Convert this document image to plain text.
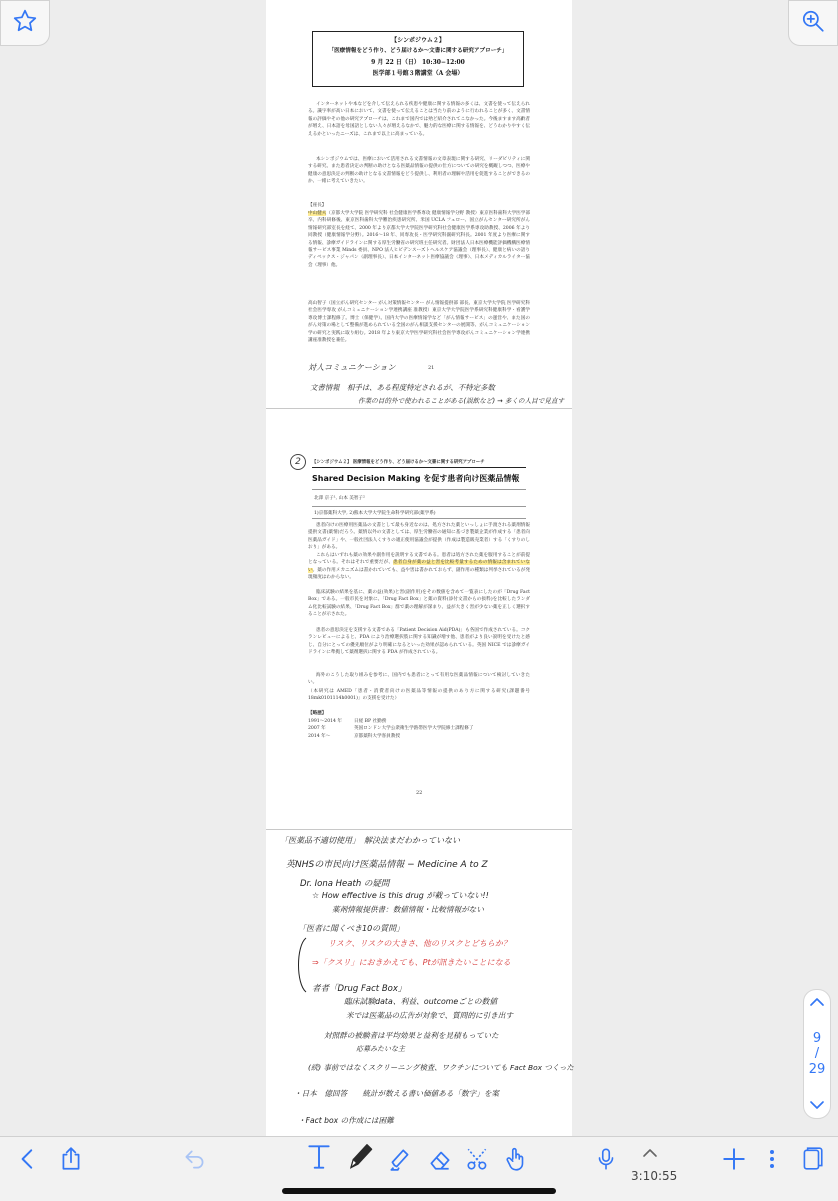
【シンポジウム２】
「医療情報をどう作り、どう届けるか～文書に関する研究アプローチ」
9 月 22 日（日） 10:30−12:00
医学部１号館３階講堂（A 会場）
インターネットや本などを介して伝えられる疾患や健康に関する情報の多くは、文書を使って伝えられる。識字率が高い日本において、文書を使って伝えることは当たり前のように行われることが多く、文書情報の評価やその他の研究アプローチは、これまで国内では殆ど紹介されてこなかった。今後ますます高齢者が増え、日本語を母国語としない人々が増えるなかで、魅力的な医療に関する情報を、どうわかりやすく伝えるかといったニーズは、これまで以上に高まっている。
本シンポジウムでは、医療において活用される文書情報の文章表現に関する研究、リーダビリティに関する研究、また患者決定の判断の助けとなる医薬品情報の提供の仕方についての研究を概観しつつ、医療や健康の意思決定の判断の助けとなる文書情報をどう提供し、利用者の理解や活用を促進することができるのか、一緒に考えていきたい。
【座長】
中山健夫（京都大学大学院 医学研究科 社会健康医学系専攻 健康情報学分野 教授）東京医科歯科大学医学部卒、内科研修後、東京医科歯科大学難治疾患研究所、米国 UCLA フェロー、国立がんセンター研究所がん情報研究部室長を経て、2000 年より京都大学大学院医学研究科社会健康医学系専攻助教授、2006 年より同教授（健康情報学分野）。2016〜18 年、同専攻長・医学研究科副研究科長。2001 年度より医療に関する情報、診療ガイドラインに関する厚生労働省の研究班主任研究者。財団法人日本医療機能評価機構医療情報サービス事業 Minds 委員、NPO 法人ヒビデンスーズトヘルスケア協議会（理事長）、健康と病いの語りディペックス・ジャパン（副理事長）、日本インターネット医療協議会（理事）、日本メディカルライター協会（理事）他。
高山智子（国立がん研究センター がん対策情報センター がん情報提供部 部長、東京大学大学院 医学研究科 社会医学専攻 がんコミュニケーション学連携講座 准教授）東京大学大学院医学系研究科健康科学・看護学専攻博士課程修了。博士（保健学）。国内大学の医療情報学など「がん情報サービス」の運営や、また国のがん対策の場として整備が進められている全国のがん相談支援センターの展開等、がんコミュニケーション学の研究と実践に取り組む。2018 年より東京大学医学研究科社会医学専攻がんコミュニケーション学連携講座准教授を兼任。
21
対人コミュニケーション
文書情報　相手は、ある程度特定されるが、不特定多数
作業の目的外で使われることがある(誤飲など) → 多くの人目で見直す
2	【シンポジウム２】 医療情報をどう作り、どう届けるか～文書に関する研究アプローチ
Shared Decision Making を促す患者向け医薬品情報
北澤 京子¹, 山本 美智子²
1)京都薬科大学, 2)熊本大学大学院生命科学研究部(薬学系)
患者向けの医療用医薬品の文書として最も身近なのは、処方された薬といっしょに手渡される薬剤情報提供文書(薬情)だろう。薬情以外の文書としては、厚生労働省の通知に基づき製薬企業が作成する「患者向医薬品ガイド」や、一般社団法人くすりの適正使用協議会が提供（作成は製造販売業者）する「くすりのしおり」がある。
これらはいずれも薬の効果や副作用を説明する文書である。患者は処方された薬を服用することが前提となっている。それはそれで重要だが、患者自身が薬の益と害を比較考量するための情報は含まれていない。薬の作用メカニズムは書かれていても、益や害は書かれておらず、副作用の種類は列挙されているが発現頻度はわからない。
臨床試験の結果を基に、薬の益(効果)と害(副作用)をその数値を含めて一覧表にしたのが「Drug Fact Box」である。一般市民を対象に、「Drug Fact Box」と薬の資料(添付文書からの抜粋)を比較したランダム化比較試験の結果、「Drug Fact Box」群で薬の理解が深まり、益が大きく害が少ない薬を正しく選択することが示された。
患者の意思決定を支援する文書である「Patient Decision Aid(PDA)」も各国で作成されている。コクランレビューによると、PDA により治療選択肢に関する知識が増す他、患者がより良い説明を受けたと感じ、自分にとっての優先順位がより明確になるといった効果が認められている。英国 NICE では診療ガイドラインに準拠して薬剤選択に関する PDA が作成されている。
海外のこうした取り組みを参考に、国内でも患者にとって有用な医薬品情報について検討していきたい。
（本研究は AMED「患者・消費者向けの医薬品等情報の提供のあり方に関する研究(課題番号 18mk0101114h0001)」の支援を受けた）
【略歴】
1991〜2014 年	日経 BP 社勤務
2007 年	英国ロンドン大学公衆衛生学熱帯医学大学院修士課程修了
2014 年〜	京都薬科大学客員教授
22
「医薬品不適切使用」　解決法まだわかっていない
英NHSの市民向け医薬品情報 − Medicine A to Z
Dr. Iona Heath の疑問
☆ How effective is this drug が載っていない!!
薬剤情報提供書：数値情報・比較情報がない
「医者に聞くべき10の質問」
リスク、リスクの大きさ、他のリスクとどちらか？
⇒「クスリ」におきかえても、Ptが訊きたいことになる
者者「Drug Fact Box」
臨床試験data、利益、outcomeごとの数値
米では医薬品の広告が対象で、質問的に引き出す
対照群の被験者は平均効果と益利を見積もっていた
応募みたいな主
(続) 事前ではなくスクリーニング検査、ワクチンについても Fact Box つくった
・日本　億回答　　統計が数える書い価値ある「数字」を案
・Fact box の作成には困難
9
/
29
3:10:55
